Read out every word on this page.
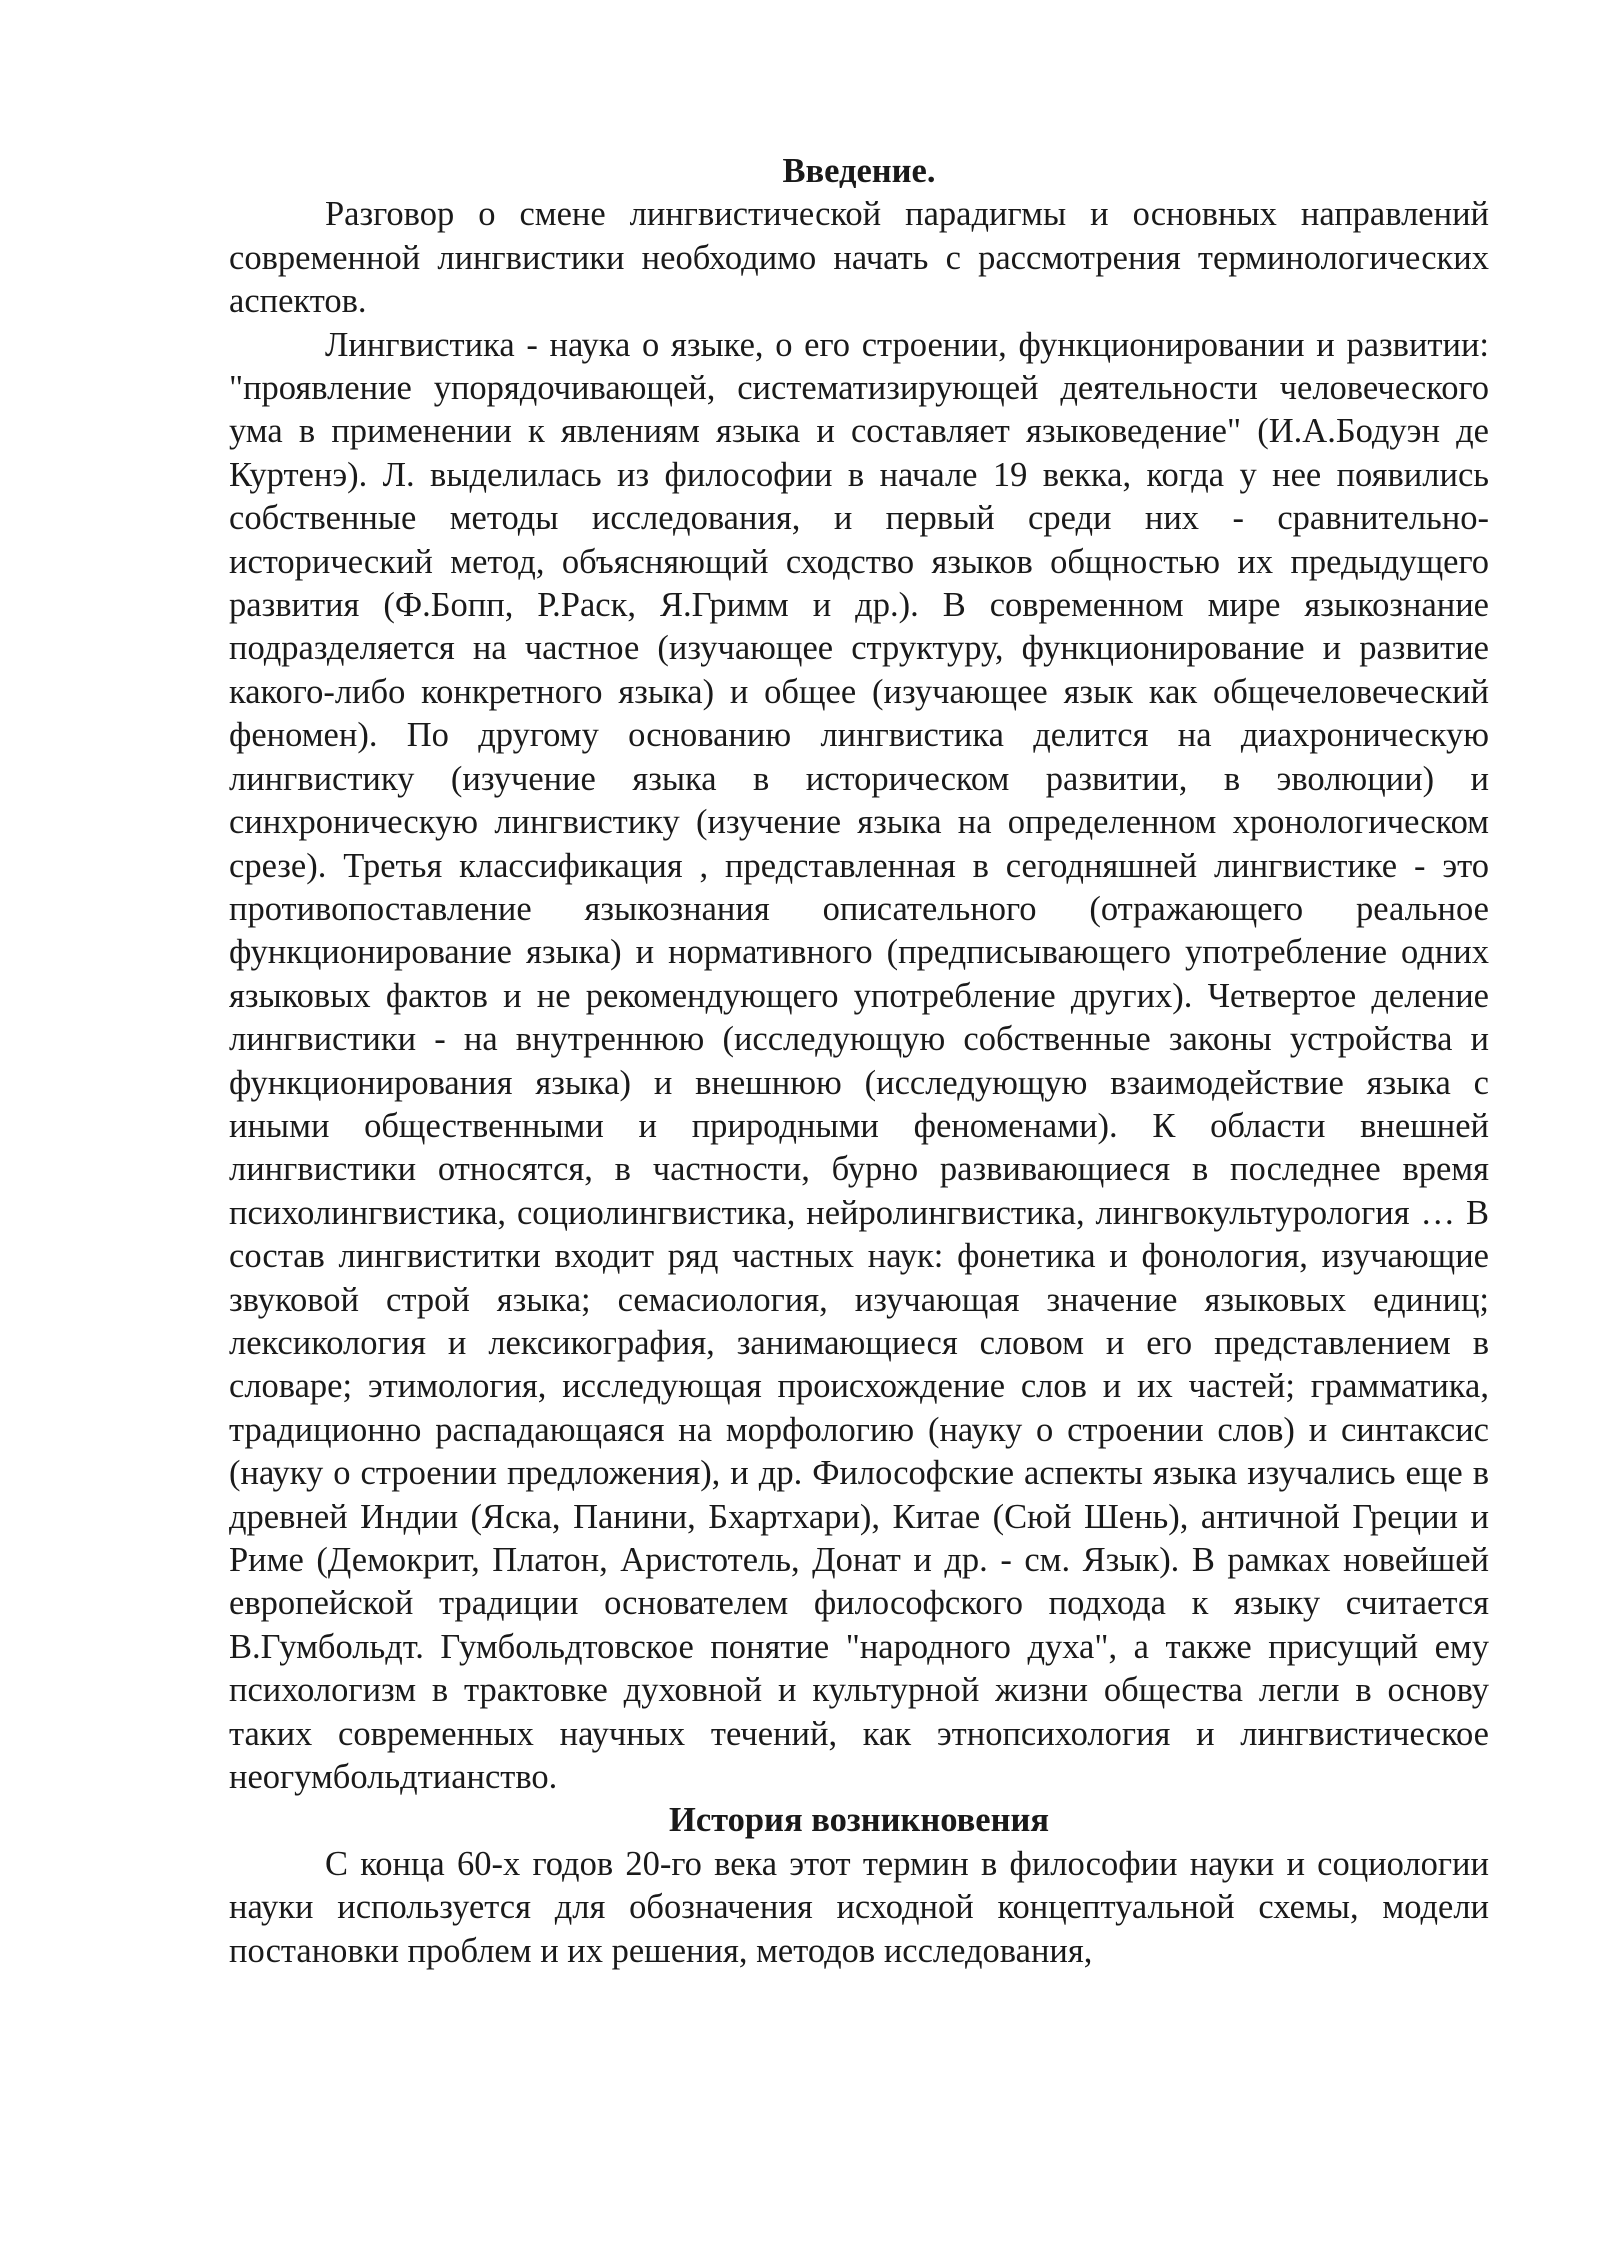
Введение.

Разговор о смене лингвистической парадигмы и основных направлений современной лингвистики необходимо начать с рассмотрения терминологических аспектов.

Лингвистика - наука о языке, о его строении, функционировании и развитии: "проявление упорядочивающей, систематизирующей деятельности человеческого ума в применении к явлениям языка и составляет языковедение" (И.А.Бодуэн де Куртенэ). Л. выделилась из философии в начале 19 векка, когда у нее появились собственные методы исследования, и первый среди них - сравнительно-исторический метод, объясняющий сходство языков общностью их предыдущего развития (Ф.Бопп, Р.Раск, Я.Гримм и др.). В современном мире языкознание подразделяется на частное (изучающее структуру, функционирование и развитие какого-либо конкретного языка) и общее (изучающее язык как общечеловеческий феномен). По другому основанию лингвистика делится на диахроническую лингвистику (изучение языка в историческом развитии, в эволюции) и синхроническую лингвистику (изучение языка на определенном хронологическом срезе). Третья классификация , представленная в сегодняшней лингвистике - это противопоставление языкознания описательного (отражающего реальное функционирование языка) и нормативного (предписывающего употребление одних языковых фактов и не рекомендующего употребление других). Четвертое деление лингвистики - на внутреннюю (исследующую собственные законы устройства и функционирования языка) и внешнюю (исследующую взаимодействие языка с иными общественными и природными феноменами). К области внешней лингвистики относятся, в частности, бурно развивающиеся в последнее время психолингвистика, социолингвистика, нейролингвистика, лингвокультурология … В состав лингвиститки входит ряд частных наук: фонетика и фонология, изучающие звуковой строй языка; семасиология, изучающая значение языковых единиц; лексикология и лексикография, занимающиеся словом и его представлением в словаре; этимология, исследующая происхождение слов и их частей; грамматика, традиционно распадающаяся на морфологию (науку о строении слов) и синтаксис (науку о строении предложения), и др. Философские аспекты языка изучались еще в древней Индии (Яска, Панини, Бхартхари), Китае (Сюй Шень), античной Греции и Риме (Демокрит, Платон, Аристотель, Донат и др. - см. Язык). В рамках новейшей европейской традиции основателем философского подхода к языку считается В.Гумбольдт. Гумбольдтовское понятие "народного духа", а также присущий ему психологизм в трактовке духовной и культурной жизни общества легли в основу таких современных научных течений, как этнопсихология и лингвистическое неогумбольдтианство.

История возникновения

С конца 60-х годов 20-го века этот термин в философии науки и социологии науки используется для обозначения исходной концептуальной схемы, модели постановки проблем и их решения, методов исследования,
